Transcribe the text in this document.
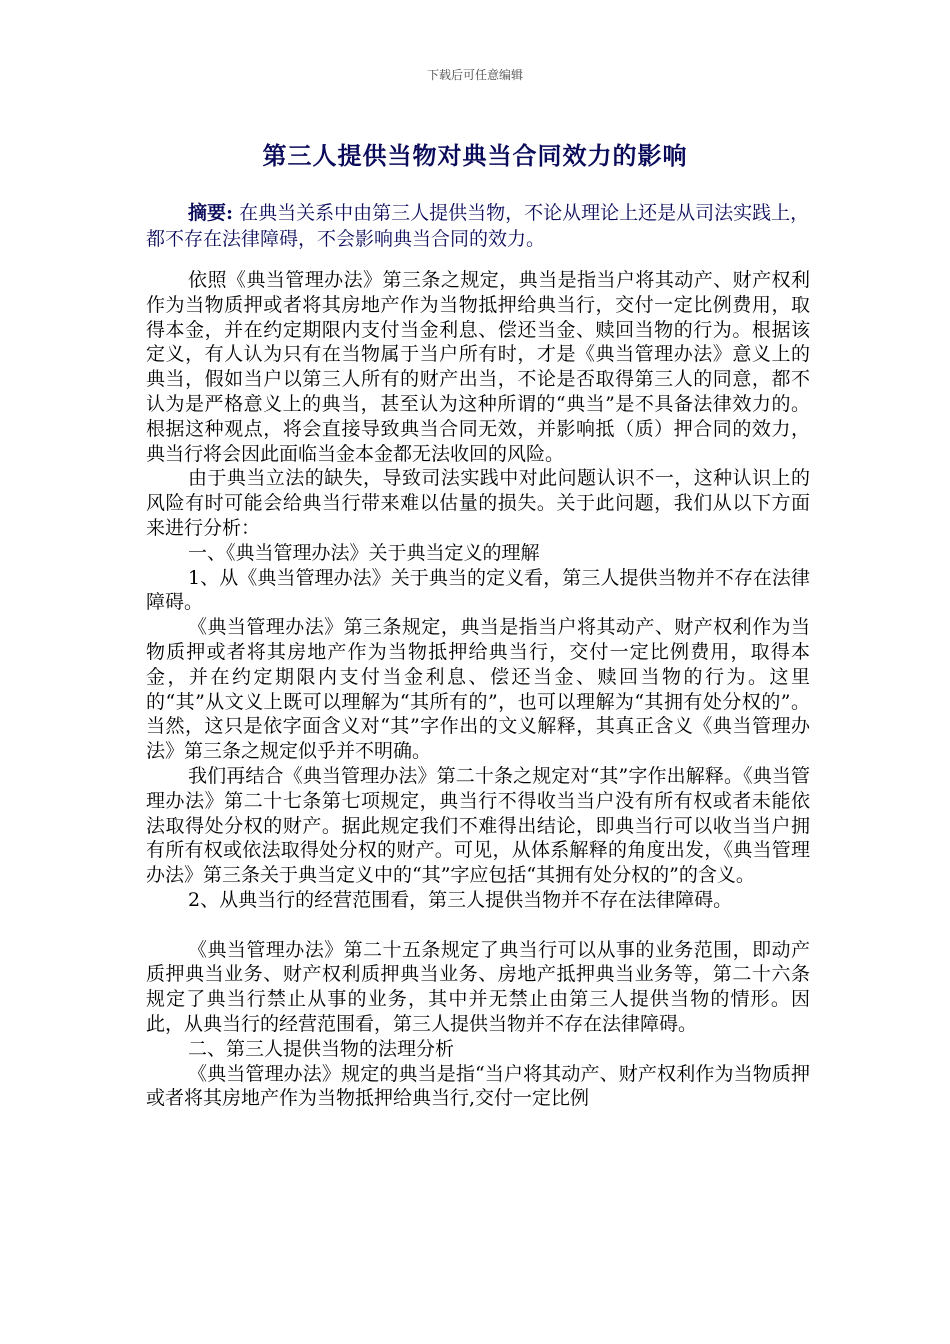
下载后可任意编辑
第三人提供当物对典当合同效力的影响

摘要: 在典当关系中由第三人提供当物，不论从理论上还是从司法实践上，都不存在法律障碍，不会影响典当合同的效力。

依照《典当管理办法》第三条之规定，典当是指当户将其动产、财产权利作为当物质押或者将其房地产作为当物抵押给典当行，交付一定比例费用，取得本金，并在约定期限内支付当金利息、偿还当金、赎回当物的行为。根据该定义，有人认为只有在当物属于当户所有时，才是《典当管理办法》意义上的典当，假如当户以第三人所有的财产出当，不论是否取得第三人的同意，都不认为是严格意义上的典当，甚至认为这种所谓的“典当”是不具备法律效力的。根据这种观点，将会直接导致典当合同无效，并影响抵（质）押合同的效力，典当行将会因此面临当金本金都无法收回的风险。

由于典当立法的缺失，导致司法实践中对此问题认识不一，这种认识上的风险有时可能会给典当行带来难以估量的损失。关于此问题，我们从以下方面来进行分析：

一、《典当管理办法》关于典当定义的理解

1、从《典当管理办法》关于典当的定义看，第三人提供当物并不存在法律障碍。

《典当管理办法》第三条规定，典当是指当户将其动产、财产权利作为当物质押或者将其房地产作为当物抵押给典当行，交付一定比例费用，取得本金，并在约定期限内支付当金利息、偿还当金、赎回当物的行为。这里的“其”从文义上既可以理解为“其所有的”，也可以理解为“其拥有处分权的”。当然，这只是依字面含义对“其”字作出的文义解释，其真正含义《典当管理办法》第三条之规定似乎并不明确。

我们再结合《典当管理办法》第二十条之规定对“其”字作出解释。《典当管理办法》第二十七条第七项规定，典当行不得收当当户没有所有权或者未能依法取得处分权的财产。据此规定我们不难得出结论，即典当行可以收当当户拥有所有权或依法取得处分权的财产。可见，从体系解释的角度出发，《典当管理办法》第三条关于典当定义中的“其”字应包括“其拥有处分权的”的含义。

2、从典当行的经营范围看，第三人提供当物并不存在法律障碍。

《典当管理办法》第二十五条规定了典当行可以从事的业务范围，即动产质押典当业务、财产权利质押典当业务、房地产抵押典当业务等，第二十六条规定了典当行禁止从事的业务，其中并无禁止由第三人提供当物的情形。因此，从典当行的经营范围看，第三人提供当物并不存在法律障碍。

二、第三人提供当物的法理分析

《典当管理办法》规定的典当是指“当户将其动产、财产权利作为当物质押或者将其房地产作为当物抵押给典当行,交付一定比例
